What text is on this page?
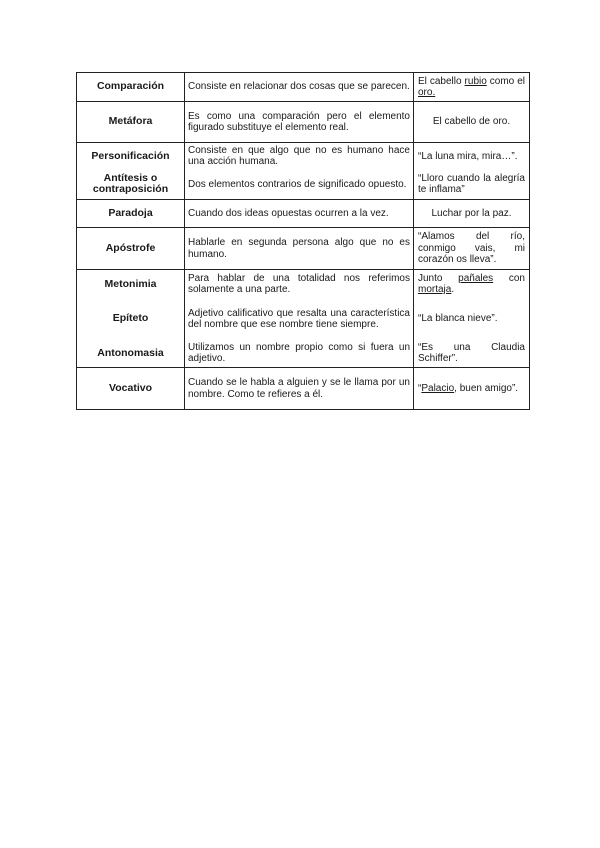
Comparación	Consiste en relacionar dos cosas que se parecen.	El cabello rubio como el oro.
Metáfora	Es como una comparación pero el elemento figurado substituye el elemento real.	El cabello de oro.
Personificación	Consiste en que algo que no es humano hace una acción humana.	“La luna mira, mira…”.
Antítesis o contraposición	Dos elementos contrarios de significado opuesto.	“Lloro cuando la alegría te inflama”
Paradoja	Cuando dos ideas opuestas ocurren a la vez.	Luchar por la paz.
Apóstrofe	Hablarle en segunda persona algo que no es humano.	“Alamos del río, conmigo vais, mi corazón os lleva”.
Metonimia	Para hablar de una totalidad nos referimos solamente a una parte.	Junto pañales con mortaja.
Epíteto	Adjetivo calificativo que resalta una característica del nombre que ese nombre tiene siempre.	“La blanca nieve”.
Antonomasia	Utilizamos un nombre propio como si fuera un adjetivo.	“Es una Claudia Schiffer”.
Vocativo	Cuando se le habla a alguien y se le llama por un nombre. Como te refieres a él.	“Palacio, buen amigo”.
